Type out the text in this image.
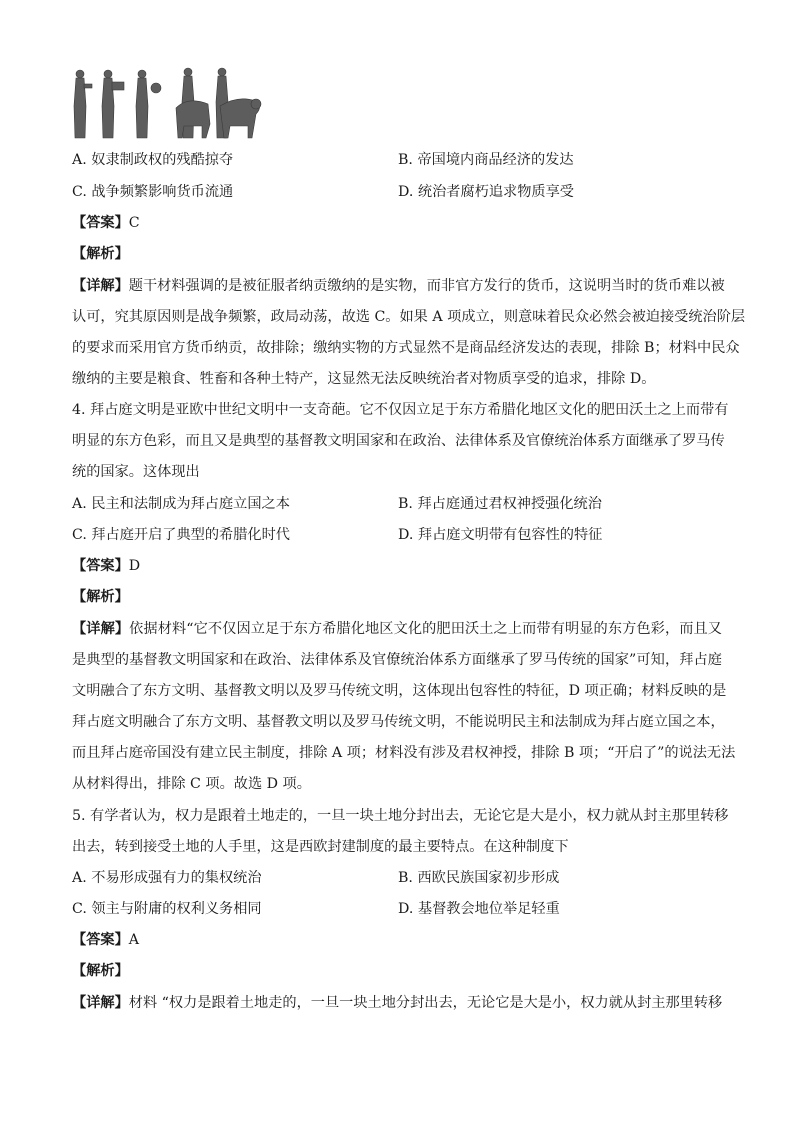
A. 奴隶制政权的残酷掠夺	B. 帝国境内商品经济的发达
C. 战争频繁影响货币流通	D. 统治者腐朽追求物质享受
【答案】C
【解析】
【详解】题干材料强调的是被征服者纳贡缴纳的是实物，而非官方发行的货币，这说明当时的货币难以被
认可，究其原因则是战争频繁，政局动荡，故选 C。如果 A 项成立，则意味着民众必然会被迫接受统治阶层
的要求而采用官方货币纳贡，故排除；缴纳实物的方式显然不是商品经济发达的表现，排除 B；材料中民众
缴纳的主要是粮食、牲畜和各种土特产，这显然无法反映统治者对物质享受的追求，排除 D。
4. 拜占庭文明是亚欧中世纪文明中一支奇葩。它不仅因立足于东方希腊化地区文化的肥田沃土之上而带有
明显的东方色彩，而且又是典型的基督教文明国家和在政治、法律体系及官僚统治体系方面继承了罗马传
统的国家。这体现出
A. 民主和法制成为拜占庭立国之本	B. 拜占庭通过君权神授强化统治
C. 拜占庭开启了典型的希腊化时代	D. 拜占庭文明带有包容性的特征
【答案】D
【解析】
【详解】依据材料“它不仅因立足于东方希腊化地区文化的肥田沃土之上而带有明显的东方色彩，而且又
是典型的基督教文明国家和在政治、法律体系及官僚统治体系方面继承了罗马传统的国家”可知，拜占庭
文明融合了东方文明、基督教文明以及罗马传统文明，这体现出包容性的特征，D 项正确；材料反映的是
拜占庭文明融合了东方文明、基督教文明以及罗马传统文明，不能说明民主和法制成为拜占庭立国之本，
而且拜占庭帝国没有建立民主制度，排除 A 项；材料没有涉及君权神授，排除 B 项；“开启了”的说法无法
从材料得出，排除 C 项。故选 D 项。
5. 有学者认为，权力是跟着土地走的，一旦一块土地分封出去，无论它是大是小，权力就从封主那里转移
出去，转到接受土地的人手里，这是西欧封建制度的最主要特点。在这种制度下
A. 不易形成强有力的集权统治	B. 西欧民族国家初步形成
C. 领主与附庸的权利义务相同	D. 基督教会地位举足轻重
【答案】A
【解析】
【详解】材料 “权力是跟着土地走的，一旦一块土地分封出去，无论它是大是小，权力就从封主那里转移
